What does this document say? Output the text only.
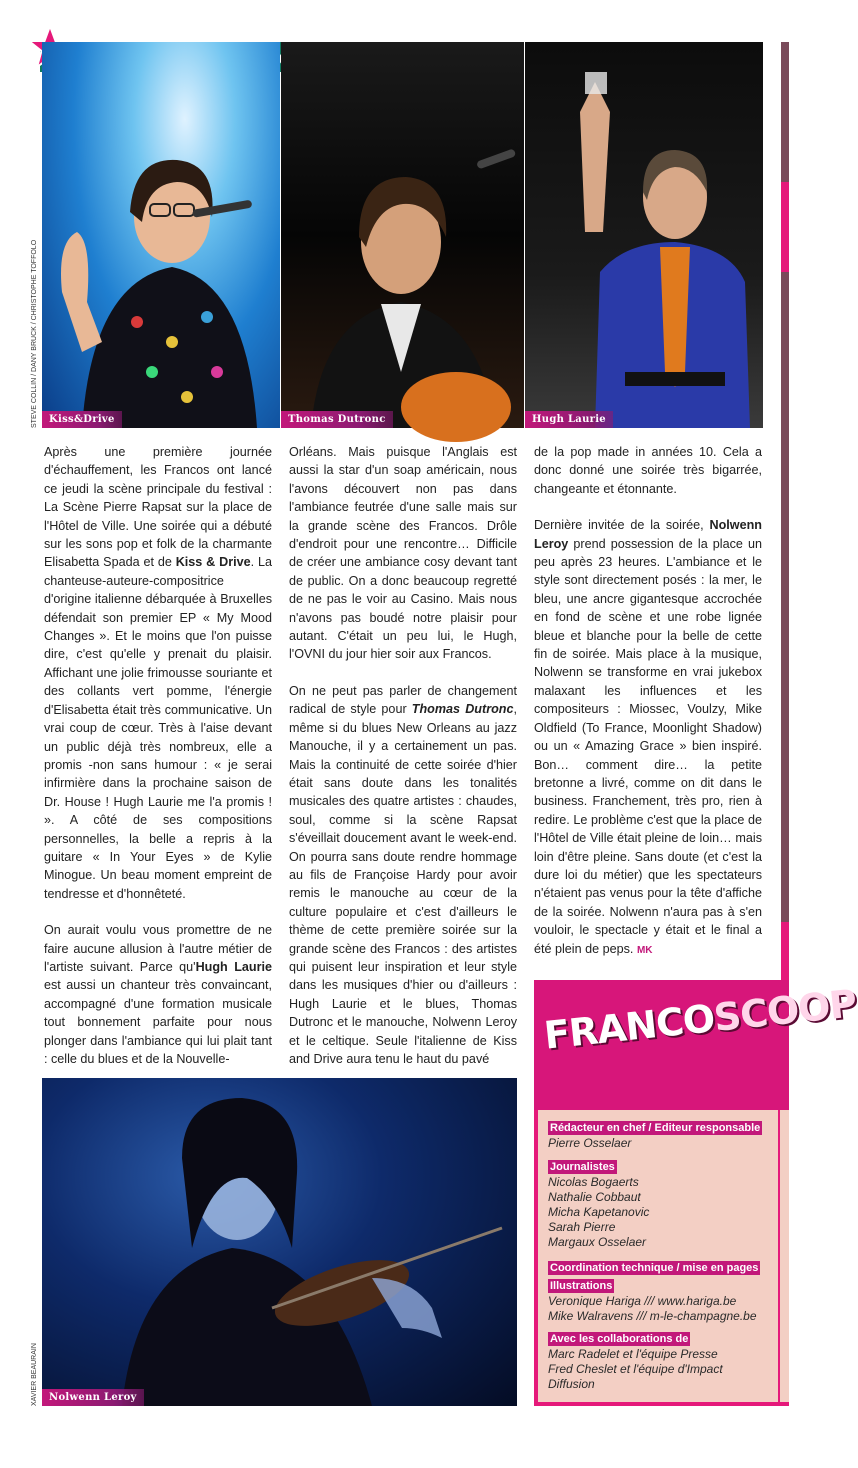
STEVE COLLIN / DANY BRUCK / CHRISTOPHE TOFFOLO	Kiss&Drive	Thomas Dutronc	Hugh Laurie

Après une première journée d'échauffement, les Francos ont lancé ce jeudi la scène principale du festival : La Scène Pierre Rapsat sur la place de l'Hôtel de Ville. Une soirée qui a débuté sur les sons pop et folk de la charmante Elisabetta Spada et de Kiss & Drive. La chanteuse-auteure-compositrice d'origine italienne débarquée à Bruxelles défendait son premier EP « My Mood Changes ». Et le moins que l'on puisse dire, c'est qu'elle y prenait du plaisir. Affichant une jolie frimousse souriante et des collants vert pomme, l'énergie d'Elisabetta était très communicative. Un vrai coup de cœur. Très à l'aise devant un public déjà très nombreux, elle a promis -non sans humour : « je serai infirmière dans la prochaine saison de Dr. House ! Hugh Laurie me l'a promis ! ». A côté de ses compositions personnelles, la belle a repris à la guitare « In Your Eyes » de Kylie Minogue. Un beau moment empreint de tendresse et d'honnêteté.

On aurait voulu vous promettre de ne faire aucune allusion à l'autre métier de l'artiste suivant. Parce qu'Hugh Laurie est aussi un chanteur très convaincant, accompagné d'une formation musicale tout bonnement parfaite pour nous plonger dans l'ambiance qui lui plait tant : celle du blues et de la Nouvelle-

Orléans. Mais puisque l'Anglais est aussi la star d'un soap américain, nous l'avons découvert non pas dans l'ambiance feutrée d'une salle mais sur la grande scène des Francos. Drôle d'endroit pour une rencontre… Difficile de créer une ambiance cosy devant tant de public. On a donc beaucoup regretté de ne pas le voir au Casino. Mais nous n'avons pas boudé notre plaisir pour autant. C'était un peu lui, le Hugh, l'OVNI du jour hier soir aux Francos.

On ne peut pas parler de changement radical de style pour Thomas Dutronc, même si du blues New Orleans au jazz Manouche, il y a certainement un pas. Mais la continuité de cette soirée d'hier était sans doute dans les tonalités musicales des quatre artistes : chaudes, soul, comme si la scène Rapsat s'éveillait doucement avant le week-end. On pourra sans doute rendre hommage au fils de Françoise Hardy pour avoir remis le manouche au cœur de la culture populaire et c'est d'ailleurs le thème de cette première soirée sur la grande scène des Francos : des artistes qui puisent leur inspiration et leur style dans les musiques d'hier ou d'ailleurs : Hugh Laurie et le blues, Thomas Dutronc et le manouche, Nolwenn Leroy et le celtique. Seule l'italienne de Kiss and Drive aura tenu le haut du pavé

de la pop made in années 10. Cela a donc donné une soirée très bigarrée, changeante et étonnante.

Dernière invitée de la soirée, Nolwenn Leroy prend possession de la place un peu après 23 heures. L'ambiance et le style sont directement posés : la mer, le bleu, une ancre gigantesque accrochée en fond de scène et une robe lignée bleue et blanche pour la belle de cette fin de soirée. Mais place à la musique, Nolwenn se transforme en vrai jukebox malaxant les influences et les compositeurs : Miossec, Voulzy, Mike Oldfield (To France, Moonlight Shadow) ou un « Amazing Grace » bien inspiré. Bon… comment dire… la petite bretonne a livré, comme on dit dans le business. Franchement, très pro, rien à redire. Le problème c'est que la place de l'Hôtel de Ville était pleine de loin… mais loin d'être pleine. Sans doute (et c'est la dure loi du métier) que les spectateurs n'étaient pas venus pour la tête d'affiche de la soirée. Nolwenn n'aura pas à s'en vouloir, le spectacle y était et le final a été plein de peps. MK

XAVIER BEAURAIN	Nolwenn Leroy
FRANCOSCOOP
Rédacteur en chef / Editeur responsable
Pierre Osselaer
Journalistes
Nicolas Bogaerts
Nathalie Cobbaut
Micha Kapetanovic
Sarah Pierre
Margaux Osselaer
Coordination technique / mise en pages
Illustrations
Veronique Hariga /// www.hariga.be
Mike Walravens /// m-le-champagne.be
Avec les collaborations de
Marc Radelet et l'équipe Presse
Fred Cheslet et l'équipe d'Impact
Diffusion
